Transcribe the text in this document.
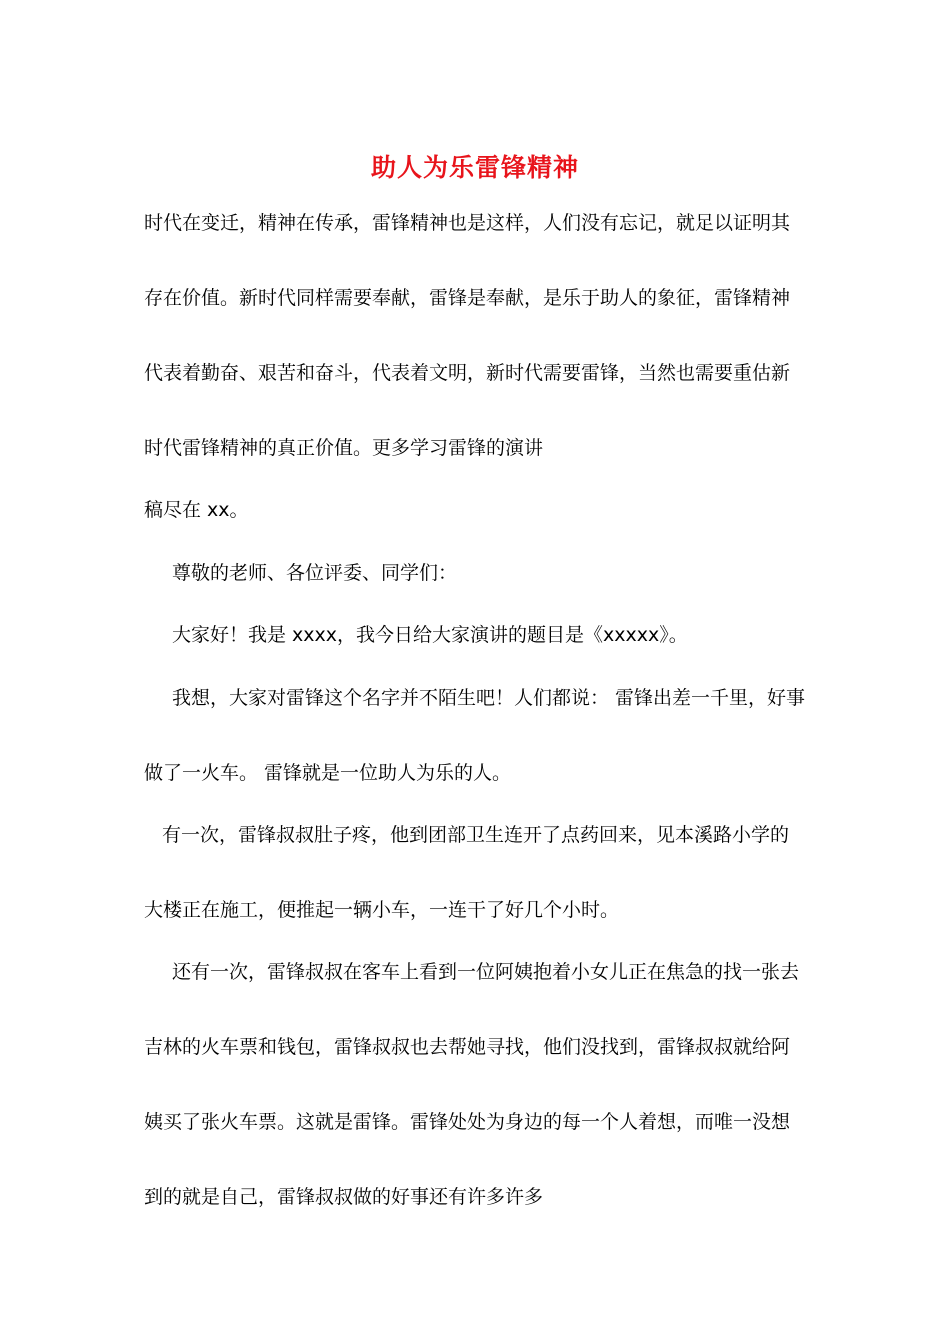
助人为乐雷锋精神
时代在变迁，精神在传承，雷锋精神也是这样，人们没有忘记，就足以证明其
存在价值。新时代同样需要奉献，雷锋是奉献，是乐于助人的象征，雷锋精神
代表着勤奋、艰苦和奋斗，代表着文明，新时代需要雷锋，当然也需要重估新
时代雷锋精神的真正价值。更多学习雷锋的演讲
稿尽在 xx。
尊敬的老师、各位评委、同学们：
大家好！我是 xxxx，我今日给大家演讲的题目是《xxxxx》。
我想，大家对雷锋这个名字并不陌生吧！人们都说： 雷锋出差一千里，好事
做了一火车。 雷锋就是一位助人为乐的人。
有一次，雷锋叔叔肚子疼，他到团部卫生连开了点药回来，见本溪路小学的
大楼正在施工，便推起一辆小车，一连干了好几个小时。
还有一次，雷锋叔叔在客车上看到一位阿姨抱着小女儿正在焦急的找一张去
吉林的火车票和钱包，雷锋叔叔也去帮她寻找，他们没找到，雷锋叔叔就给阿
姨买了张火车票。这就是雷锋。雷锋处处为身边的每一个人着想，而唯一没想
到的就是自己，雷锋叔叔做的好事还有许多许多
